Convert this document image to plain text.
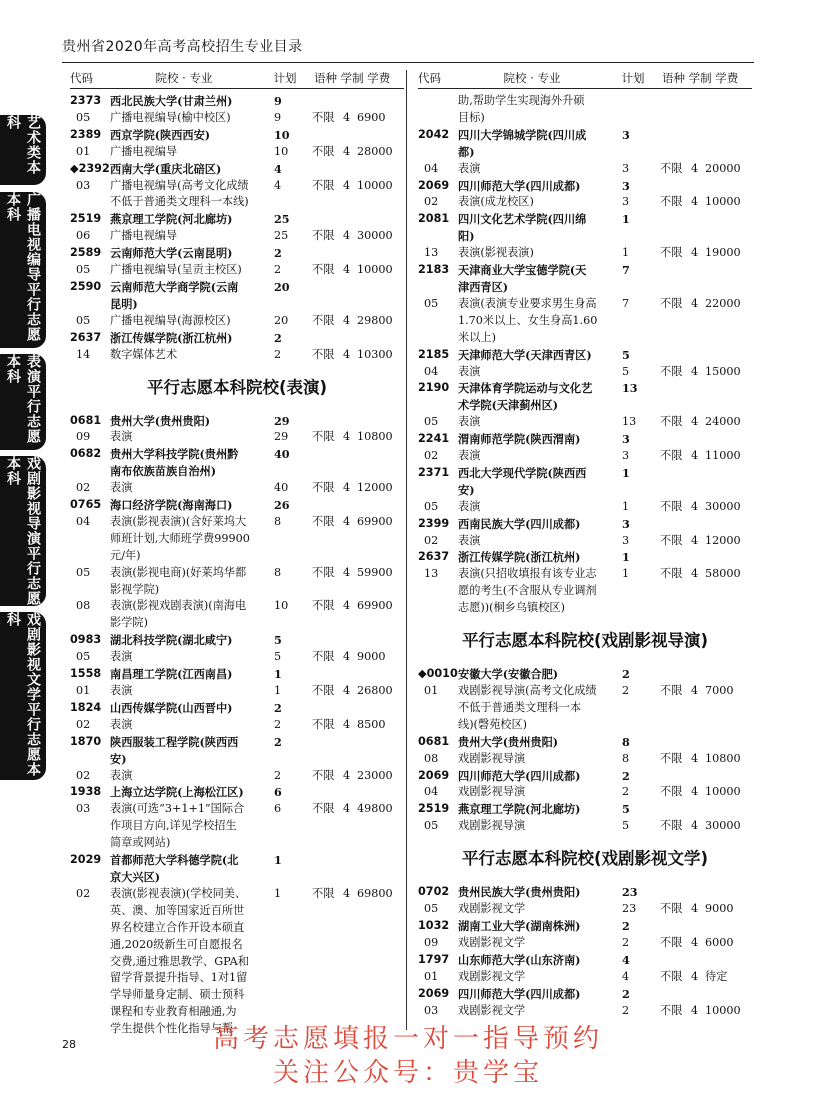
贵州省2020年高考高校招生专业目录
艺术类本科
广播电视编导平行志愿本科
表演平行志愿本科
戏剧影视导演平行志愿本科
戏剧影视文学平行志愿本科
代码	院校 · 专业	计划	语种 学制 学费
2373 西北民族大学(甘肃兰州)	9
05	广播电视编导(榆中校区)	9	不限 4 6900
2389 西京学院(陕西西安)	10
01	广播电视编导	10	不限 4 28000
◆2392 西南大学(重庆北碚区)	4
03	广播电视编导(高考文化成绩	4	不限 4 10000
不低于普通类文理科一本线)
2519 燕京理工学院(河北廊坊)	25
06	广播电视编导	25	不限 4 30000
2589 云南师范大学(云南昆明)	2
05	广播电视编导(呈贡主校区)	2	不限 4 10000
2590 云南师范大学商学院(云南	20
昆明)
05	广播电视编导(海源校区)	20	不限 4 29800
2637 浙江传媒学院(浙江杭州)	2
14	数字媒体艺术	2	不限 4 10300
平行志愿本科院校(表演)
0681 贵州大学(贵州贵阳)	29
09	表演	29	不限 4 10800
0682 贵州大学科技学院(贵州黔	40
南布依族苗族自治州)
02	表演	40	不限 4 12000
0765 海口经济学院(海南海口)	26
04	表演(影视表演)(含好莱坞大	8	不限 4 69900
师班计划,大师班学费99900
元/年)
05	表演(影视电商)(好莱坞华都	8	不限 4 59900
影视学院)
08	表演(影视戏剧表演)(南海电	10	不限 4 69900
影学院)
0983 湖北科技学院(湖北咸宁)	5
05	表演	5	不限 4 9000
1558 南昌理工学院(江西南昌)	1
01	表演	1	不限 4 26800
1824 山西传媒学院(山西晋中)	2
02	表演	2	不限 4 8500
1870 陕西服装工程学院(陕西西	2
安)
02	表演	2	不限 4 23000
1938 上海立达学院(上海松江区)	6
03	表演(可选“3+1+1”国际合	6	不限 4 49800
作项目方向,详见学校招生
简章或网站)
2029 首都师范大学科德学院(北	1
京大兴区)
02	表演(影视表演)(学校同美、	1	不限 4 69800
英、澳、加等国家近百所世
界名校建立合作开设本硕直
通,2020级新生可自愿报名
交费,通过雅思教学、GPA和
留学背景提升指导、1对1留
学导师量身定制、硕士预科
课程和专业教育相融通,为
学生提供个性化指导与帮
代码	院校 · 专业	计划	语种 学制 学费
助,帮助学生实现海外升硕
目标)
2042 四川大学锦城学院(四川成	3
都)
04	表演	3	不限 4 20000
2069 四川师范大学(四川成都)	3
02	表演(成龙校区)	3	不限 4 10000
2081 四川文化艺术学院(四川绵	1
阳)
13	表演(影视表演)	1	不限 4 19000
2183 天津商业大学宝德学院(天	7
津西青区)
05	表演(表演专业要求男生身高	7	不限 4 22000
1.70米以上、女生身高1.60
米以上)
2185 天津师范大学(天津西青区)	5
04	表演	5	不限 4 15000
2190 天津体育学院运动与文化艺	13
术学院(天津蓟州区)
05	表演	13	不限 4 24000
2241 渭南师范学院(陕西渭南)	3
02	表演	3	不限 4 11000
2371 西北大学现代学院(陕西西	1
安)
05	表演	1	不限 4 30000
2399 西南民族大学(四川成都)	3
02	表演	3	不限 4 12000
2637 浙江传媒学院(浙江杭州)	1
13	表演(只招收填报有该专业志	1	不限 4 58000
愿的考生(不含服从专业调剂
志愿))(桐乡乌镇校区)
平行志愿本科院校(戏剧影视导演)
◆0010 安徽大学(安徽合肥)	2
01	戏剧影视导演(高考文化成绩	2	不限 4 7000
不低于普通类文理科一本
线)(磬苑校区)
0681 贵州大学(贵州贵阳)	8
08	戏剧影视导演	8	不限 4 10800
2069 四川师范大学(四川成都)	2
04	戏剧影视导演	2	不限 4 10000
2519 燕京理工学院(河北廊坊)	5
05	戏剧影视导演	5	不限 4 30000
平行志愿本科院校(戏剧影视文学)
0702 贵州民族大学(贵州贵阳)	23
05	戏剧影视文学	23	不限 4 9000
1032 湖南工业大学(湖南株洲)	2
09	戏剧影视文学	2	不限 4 6000
1797 山东师范大学(山东济南)	4
01	戏剧影视文学	4	不限 4 待定
2069 四川师范大学(四川成都)	2
03	戏剧影视文学	2	不限 4 10000
28	高考志愿填报一对一指导预约
关注公众号：贵学宝
